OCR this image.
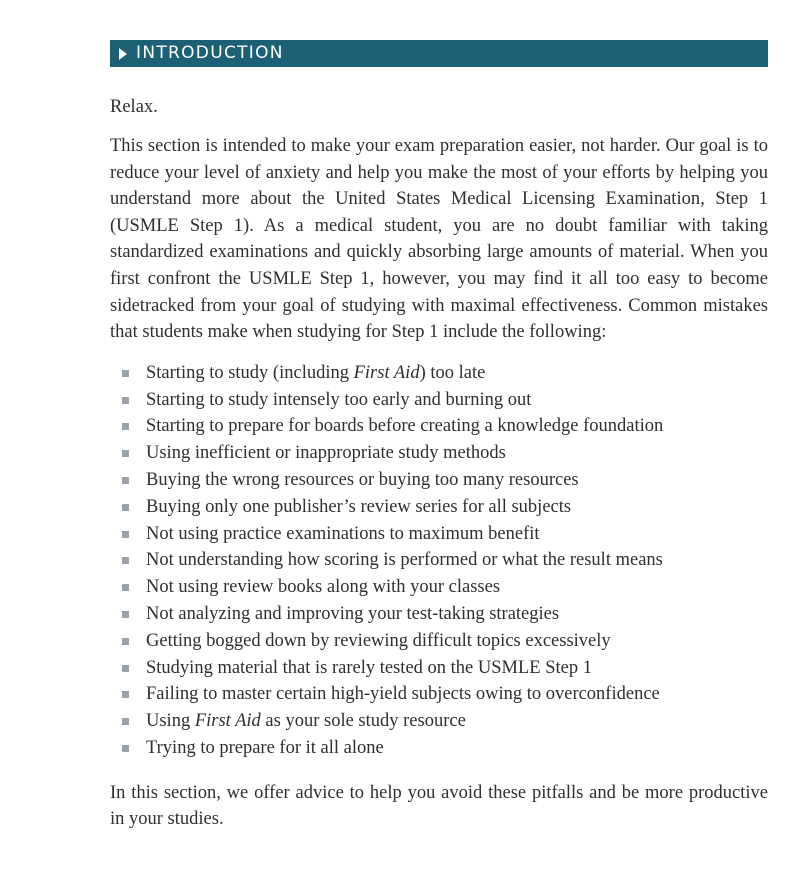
INTRODUCTION

Relax.

This section is intended to make your exam preparation easier, not harder. Our goal is to reduce your level of anxiety and help you make the most of your efforts by helping you understand more about the United States Medical Licensing Examination, Step 1 (USMLE Step 1). As a medical student, you are no doubt familiar with taking standardized examinations and quickly absorbing large amounts of material. When you first confront the USMLE Step 1, however, you may find it all too easy to become sidetracked from your goal of studying with maximal effectiveness. Common mistakes that students make when studying for Step 1 include the following:

Starting to study (including First Aid) too late
Starting to study intensely too early and burning out
Starting to prepare for boards before creating a knowledge foundation
Using inefficient or inappropriate study methods
Buying the wrong resources or buying too many resources
Buying only one publisher’s review series for all subjects
Not using practice examinations to maximum benefit
Not understanding how scoring is performed or what the result means
Not using review books along with your classes
Not analyzing and improving your test-taking strategies
Getting bogged down by reviewing difficult topics excessively
Studying material that is rarely tested on the USMLE Step 1
Failing to master certain high-yield subjects owing to overconfidence
Using First Aid as your sole study resource
Trying to prepare for it all alone

In this section, we offer advice to help you avoid these pitfalls and be more productive in your studies.
